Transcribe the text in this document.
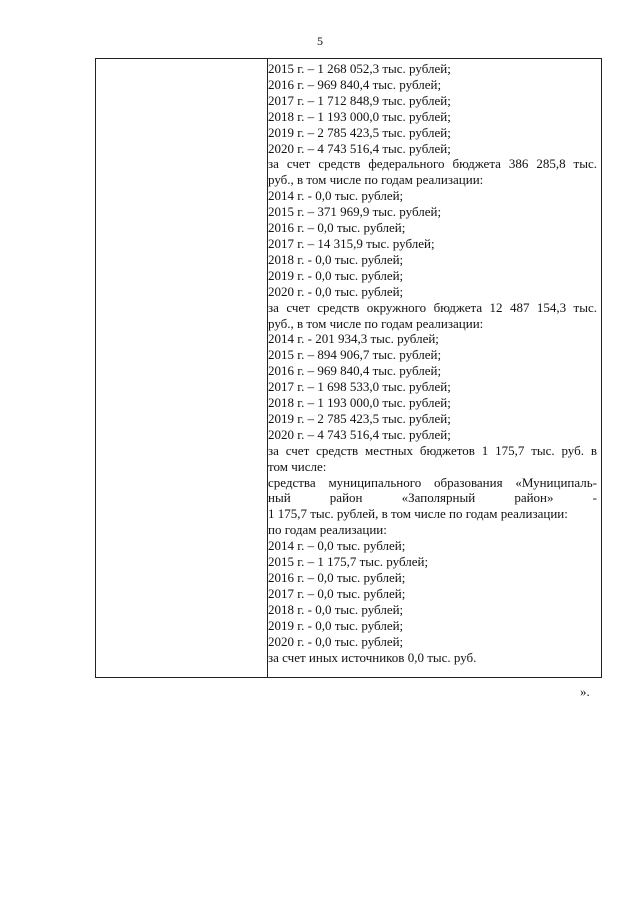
5
2015 г. – 1 268 052,3 тыс. рублей;
2016 г. – 969 840,4 тыс. рублей;
2017 г. – 1 712 848,9 тыс. рублей;
2018 г. – 1 193 000,0 тыс. рублей;
2019 г. – 2 785 423,5 тыс. рублей;
2020 г. – 4 743 516,4 тыс. рублей;
за счет средств федерального бюджета 386 285,8 тыс.
руб., в том числе по годам реализации:
2014 г. - 0,0 тыс. рублей;
2015 г. – 371 969,9 тыс. рублей;
2016 г. – 0,0 тыс. рублей;
2017 г. – 14 315,9 тыс. рублей;
2018 г. - 0,0 тыс. рублей;
2019 г. - 0,0 тыс. рублей;
2020 г. - 0,0 тыс. рублей;
за счет средств окружного бюджета 12 487 154,3 тыс.
руб., в том числе по годам реализации:
2014 г. - 201 934,3 тыс. рублей;
2015 г. – 894 906,7 тыс. рублей;
2016 г. – 969 840,4 тыс. рублей;
2017 г. – 1 698 533,0 тыс. рублей;
2018 г. – 1 193 000,0 тыс. рублей;
2019 г. – 2 785 423,5 тыс. рублей;
2020 г. – 4 743 516,4 тыс. рублей;
за счет средств местных бюджетов 1 175,7 тыс. руб. в
том числе:
средства муниципального образования «Муниципаль-
ный район «Заполярный район» -
1 175,7 тыс. рублей, в том числе по годам реализации:
по годам реализации:
2014 г. – 0,0 тыс. рублей;
2015 г. – 1 175,7 тыс. рублей;
2016 г. – 0,0 тыс. рублей;
2017 г. – 0,0 тыс. рублей;
2018 г. - 0,0 тыс. рублей;
2019 г. - 0,0 тыс. рублей;
2020 г. - 0,0 тыс. рублей;
за счет иных источников 0,0 тыс. руб.
».
